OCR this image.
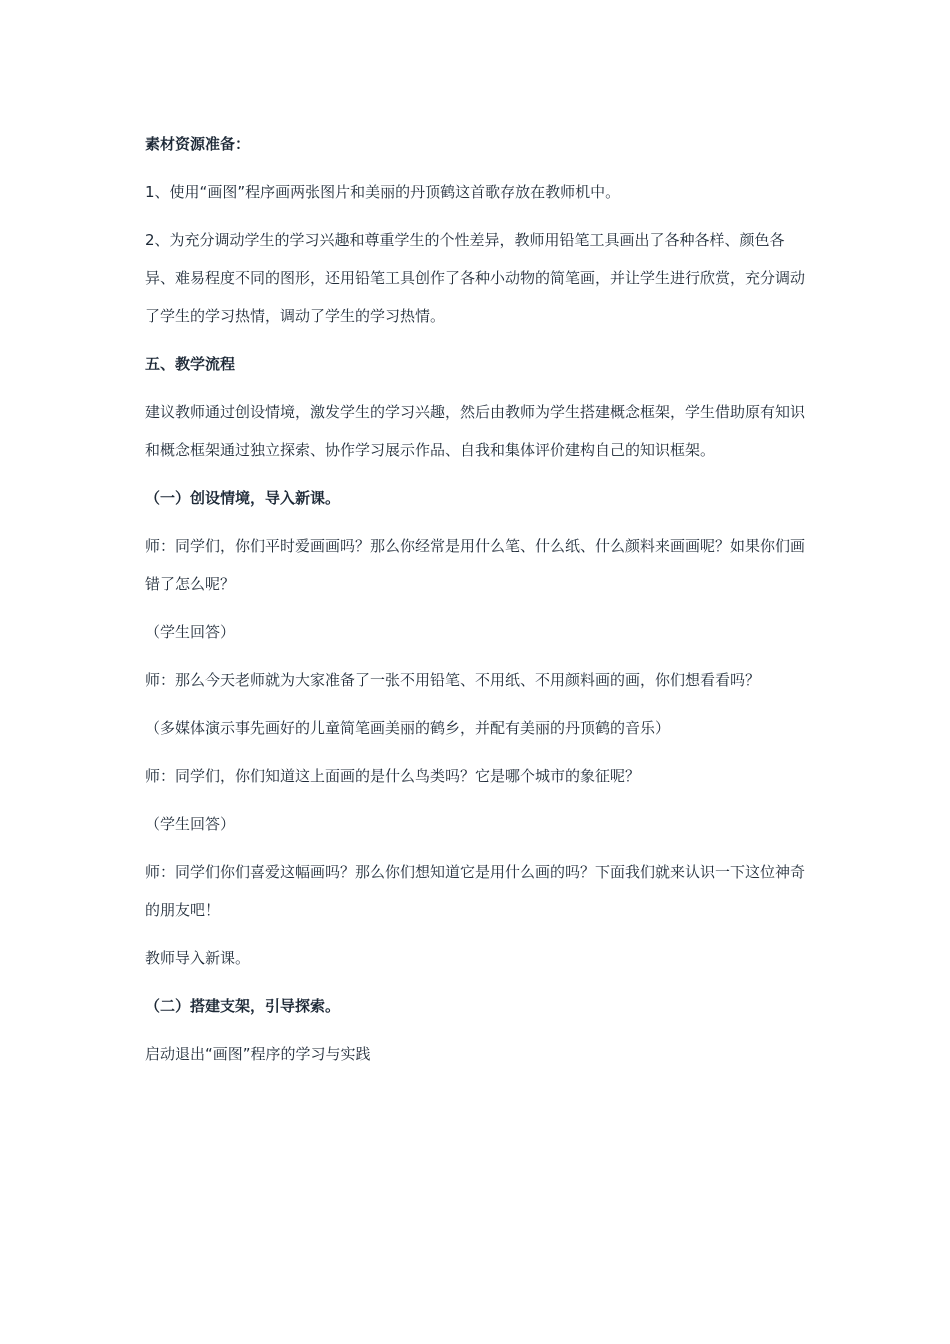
素材资源准备：

1、使用“画图”程序画两张图片和美丽的丹顶鹤这首歌存放在教师机中。

2、为充分调动学生的学习兴趣和尊重学生的个性差异，教师用铅笔工具画出了各种各样、颜色各异、难易程度不同的图形，还用铅笔工具创作了各种小动物的简笔画，并让学生进行欣赏，充分调动了学生的学习热情，调动了学生的学习热情。

五、教学流程

建议教师通过创设情境，激发学生的学习兴趣，然后由教师为学生搭建概念框架，学生借助原有知识和概念框架通过独立探索、协作学习展示作品、自我和集体评价建构自己的知识框架。

（一）创设情境，导入新课。

师：同学们，你们平时爱画画吗？那么你经常是用什么笔、什么纸、什么颜料来画画呢？如果你们画错了怎么呢？

（学生回答）

师：那么今天老师就为大家准备了一张不用铅笔、不用纸、不用颜料画的画，你们想看看吗？

（多媒体演示事先画好的儿童简笔画美丽的鹤乡，并配有美丽的丹顶鹤的音乐）

师：同学们，你们知道这上面画的是什么鸟类吗？它是哪个城市的象征呢？

（学生回答）

师：同学们你们喜爱这幅画吗？那么你们想知道它是用什么画的吗？下面我们就来认识一下这位神奇的朋友吧！

教师导入新课。

（二）搭建支架，引导探索。

启动退出“画图”程序的学习与实践
